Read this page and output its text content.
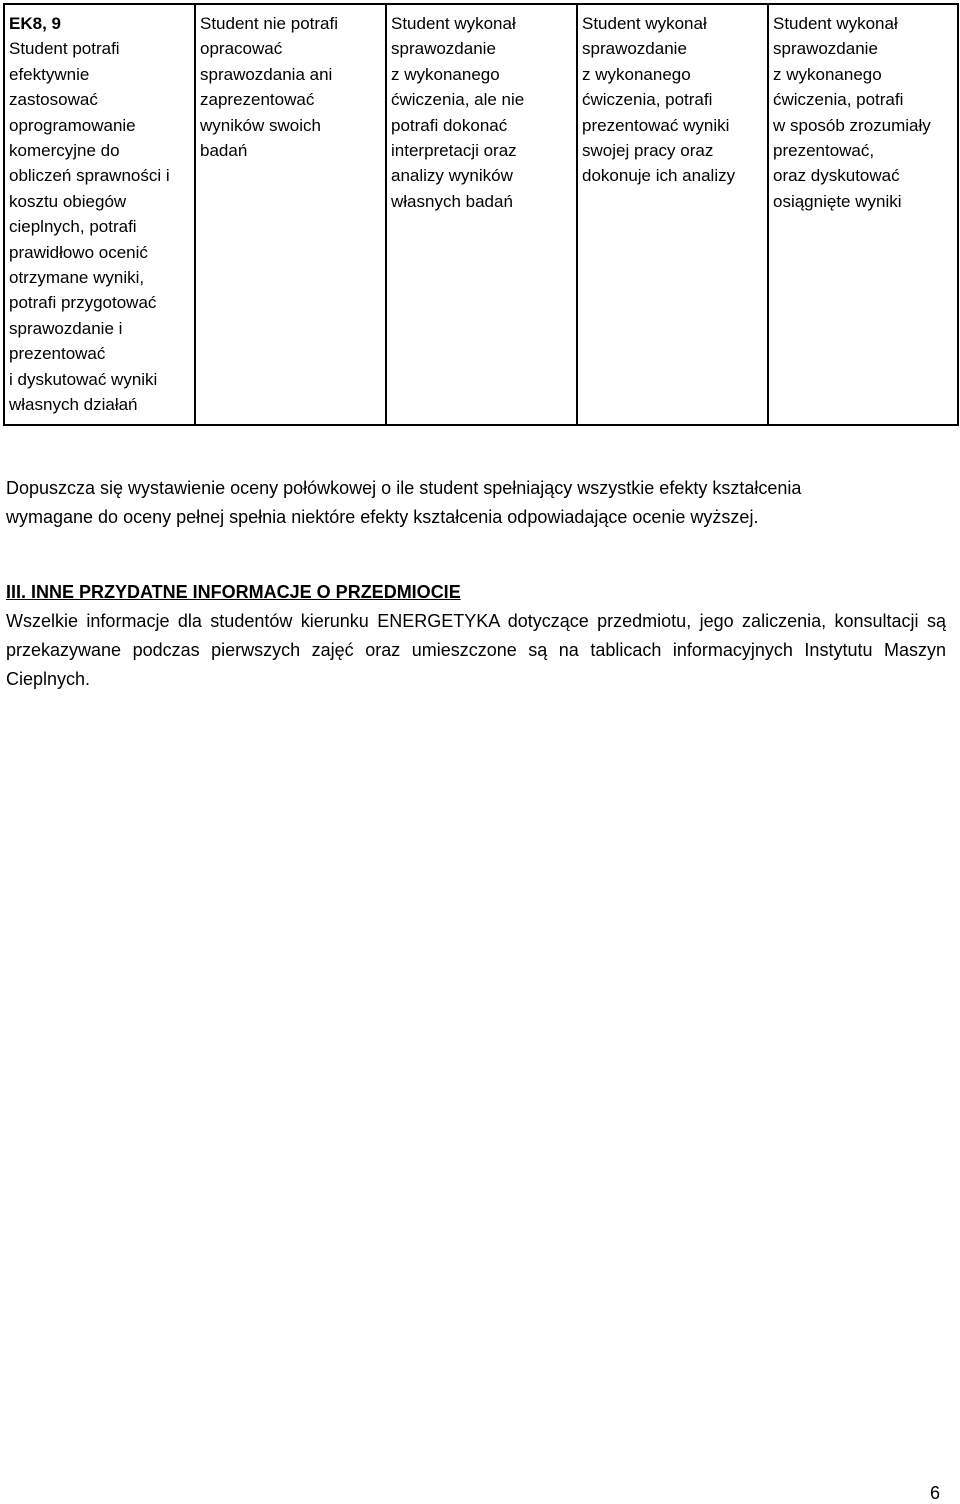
EK8, 9
Student potrafi
efektywnie
zastosować
oprogramowanie
komercyjne do
obliczeń sprawności i
kosztu obiegów
cieplnych, potrafi
prawidłowo ocenić
otrzymane wyniki,
potrafi przygotować
sprawozdanie i
prezentować
i dyskutować wyniki
własnych działań

Student nie potrafi
opracować
sprawozdania ani
zaprezentować
wyników swoich
badań

Student wykonał
sprawozdanie
z wykonanego
ćwiczenia, ale nie
potrafi dokonać
interpretacji oraz
analizy wyników
własnych badań

Student wykonał
sprawozdanie
z wykonanego
ćwiczenia, potrafi
prezentować wyniki
swojej pracy oraz
dokonuje ich analizy

Student wykonał
sprawozdanie
z wykonanego
ćwiczenia, potrafi
w sposób zrozumiały
prezentować,
oraz dyskutować
osiągnięte wyniki
Dopuszcza się wystawienie oceny połówkowej o ile student spełniający wszystkie efekty kształcenia
wymagane do oceny pełnej spełnia niektóre efekty kształcenia odpowiadające ocenie wyższej.
III. INNE PRZYDATNE INFORMACJE O PRZEDMIOCIE
Wszelkie informacje dla studentów kierunku ENERGETYKA dotyczące przedmiotu, jego zaliczenia, konsultacji są przekazywane podczas pierwszych zajęć oraz umieszczone są na tablicach informacyjnych Instytutu Maszyn Cieplnych.
6
